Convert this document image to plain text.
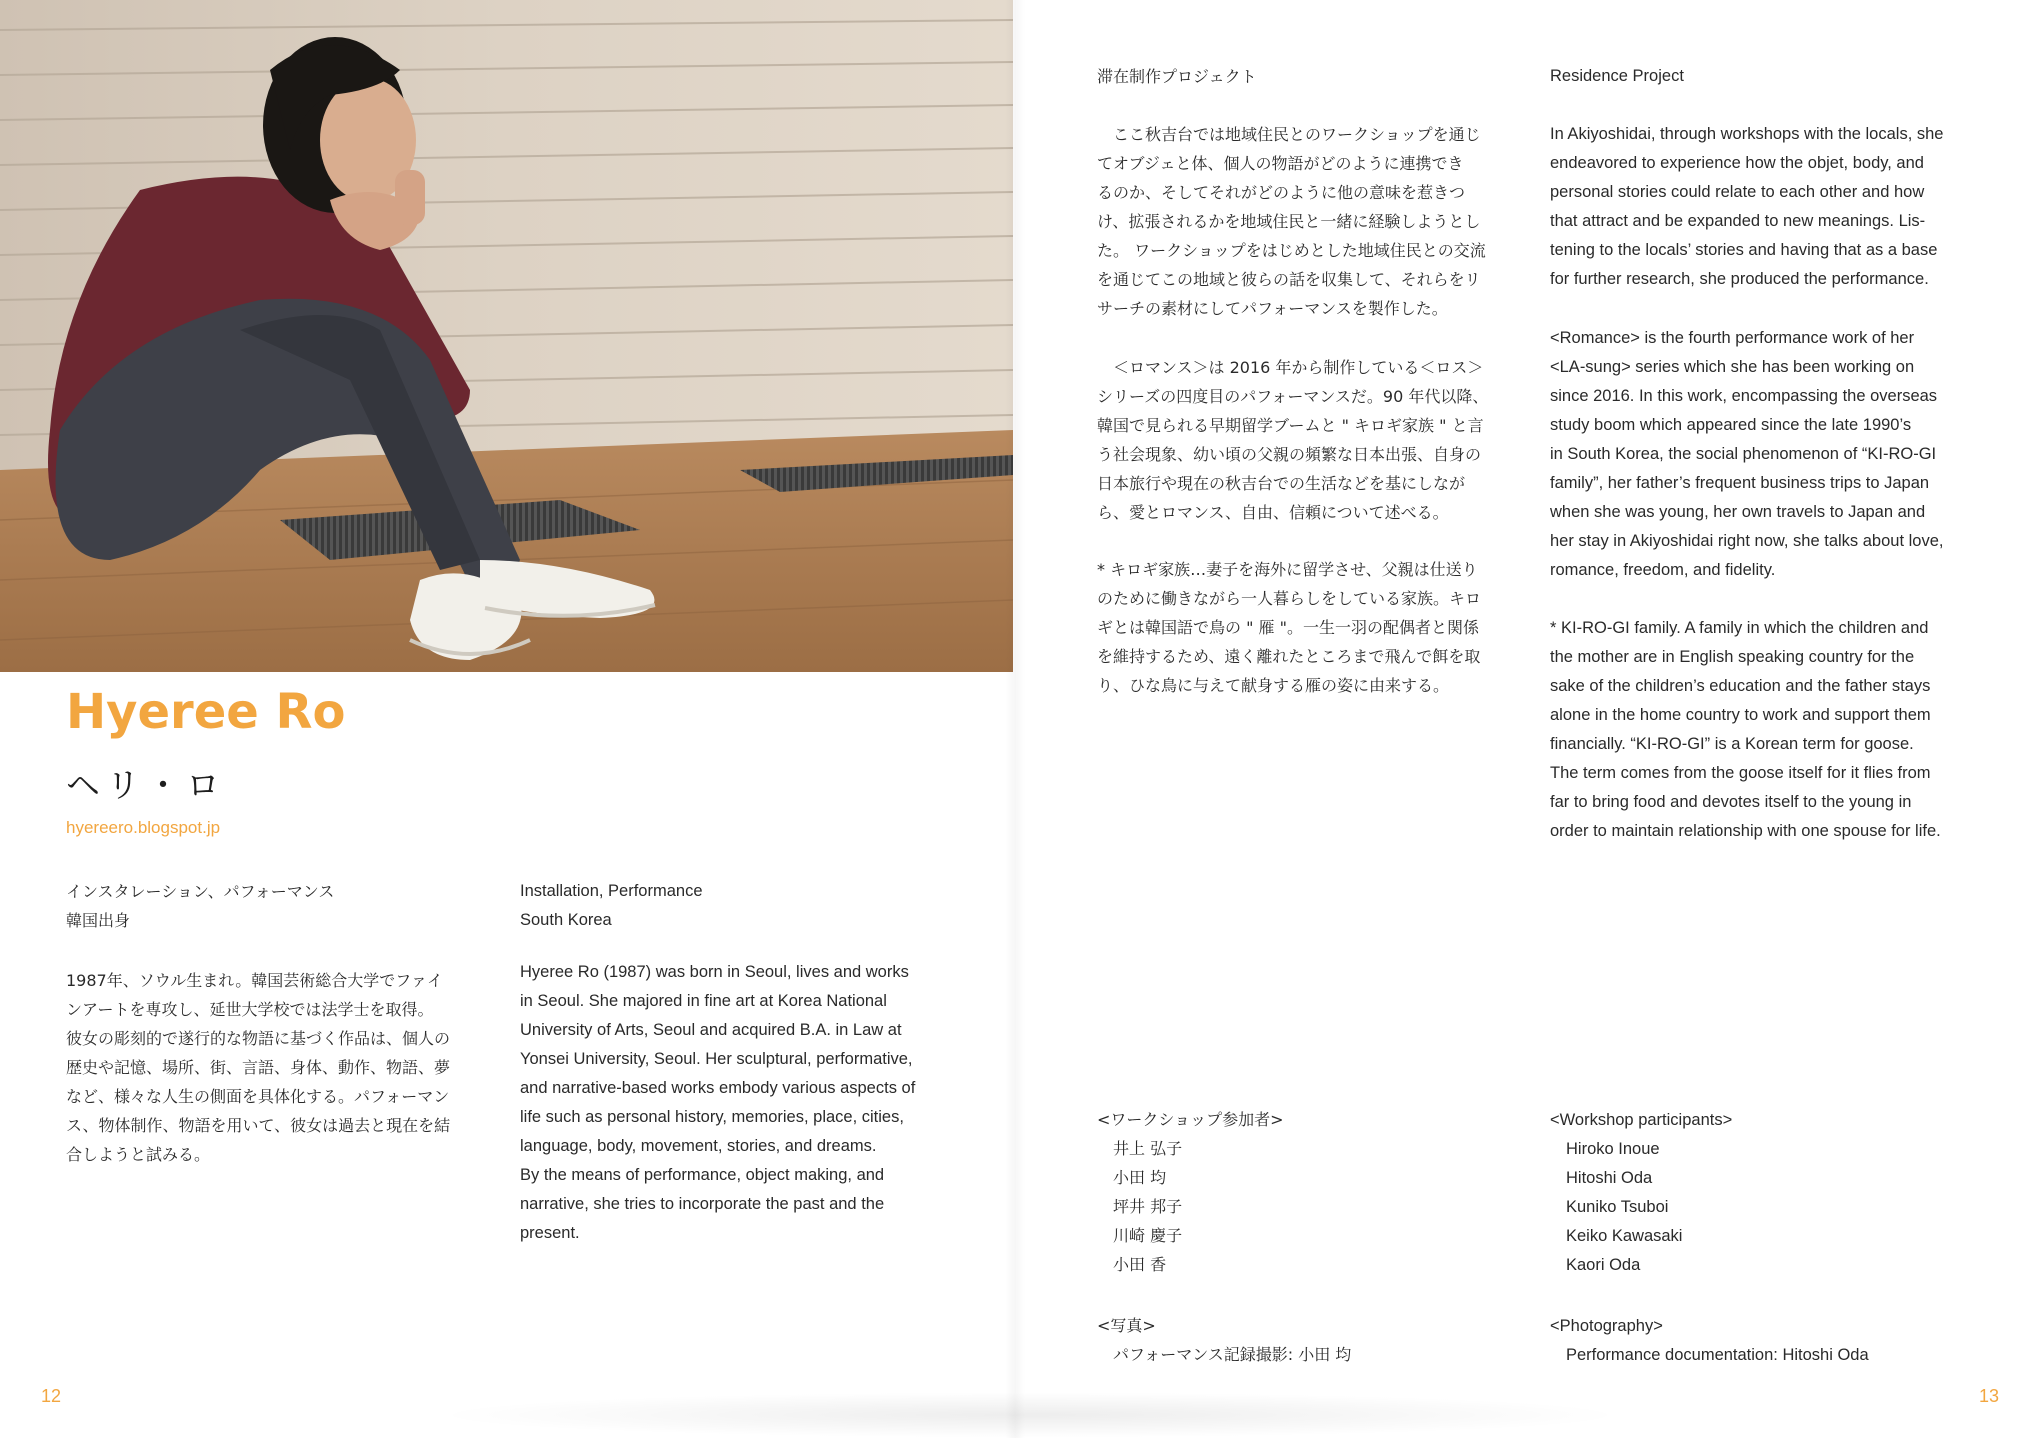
Hyeree Ro
ヘリ・ロ
hyereero.blogspot.jp
インスタレーション、パフォーマンス
韓国出身
1987年、ソウル生まれ。韓国芸術総合大学でファイ
ンアートを専攻し、延世大学校では法学士を取得。
彼女の彫刻的で遂行的な物語に基づく作品は、個人の
歴史や記憶、場所、街、言語、身体、動作、物語、夢
など、様々な人生の側面を具体化する。パフォーマン
ス、物体制作、物語を用いて、彼女は過去と現在を結
合しようと試みる。
Installation, Performance
South Korea
Hyeree Ro (1987) was born in Seoul, lives and works
in Seoul. She majored in fine art at Korea National
University of Arts, Seoul and acquired B.A. in Law at
Yonsei University, Seoul. Her sculptural, performative,
and narrative-based works embody various aspects of
life such as personal history, memories, place, cities,
language, body, movement, stories, and dreams.
By the means of performance, object making, and
narrative, she tries to incorporate the past and the
present.
12
滞在制作プロジェクト
　ここ秋吉台では地域住民とのワークショップを通じ
てオブジェと体、個人の物語がどのように連携でき
るのか、そしてそれがどのように他の意味を惹きつ
け、拡張されるかを地域住民と一緒に経験しようとし
た。 ワークショップをはじめとした地域住民との交流
を通じてこの地域と彼らの話を収集して、それらをリ
サーチの素材にしてパフォーマンスを製作した。
　＜ロマンス＞は 2016 年から制作している＜ロス＞
シリーズの四度目のパフォーマンスだ。90 年代以降、
韓国で見られる早期留学ブームと " キロギ家族 " と言
う社会現象、幼い頃の父親の頻繁な日本出張、自身の
日本旅行や現在の秋吉台での生活などを基にしなが
ら、愛とロマンス、自由、信頼について述べる。
* キロギ家族…妻子を海外に留学させ、父親は仕送り
のために働きながら一人暮らしをしている家族。キロ
ギとは韓国語で鳥の " 雁 "。一生一羽の配偶者と関係
を維持するため、遠く離れたところまで飛んで餌を取
り、ひな鳥に与えて献身する雁の姿に由来する。
<ワークショップ参加者>
井上 弘子
小田 均
坪井 邦子
川崎 慶子
小田 香
<写真>
パフォーマンス記録撮影: 小田 均
Residence Project
In Akiyoshidai, through workshops with the locals, she
endeavored to experience how the objet, body, and
personal stories could relate to each other and how
that attract and be expanded to new meanings. Lis-
tening to the locals’ stories and having that as a base
for further research, she produced the performance.
<Romance> is the fourth performance work of her
<LA-sung> series which she has been working on
since 2016. In this work, encompassing the overseas
study boom which appeared since the late 1990’s
in South Korea, the social phenomenon of “KI-RO-GI
family”, her father’s frequent business trips to Japan
when she was young, her own travels to Japan and
her stay in Akiyoshidai right now, she talks about love,
romance, freedom, and fidelity.
* KI-RO-GI family. A family in which the children and
the mother are in English speaking country for the
sake of the children’s education and the father stays
alone in the home country to work and support them
financially. “KI-RO-GI” is a Korean term for goose.
The term comes from the goose itself for it flies from
far to bring food and devotes itself to the young in
order to maintain relationship with one spouse for life.
<Workshop participants>
Hiroko Inoue
Hitoshi Oda
Kuniko Tsuboi
Keiko Kawasaki
Kaori Oda
<Photography>
Performance documentation: Hitoshi Oda
13
